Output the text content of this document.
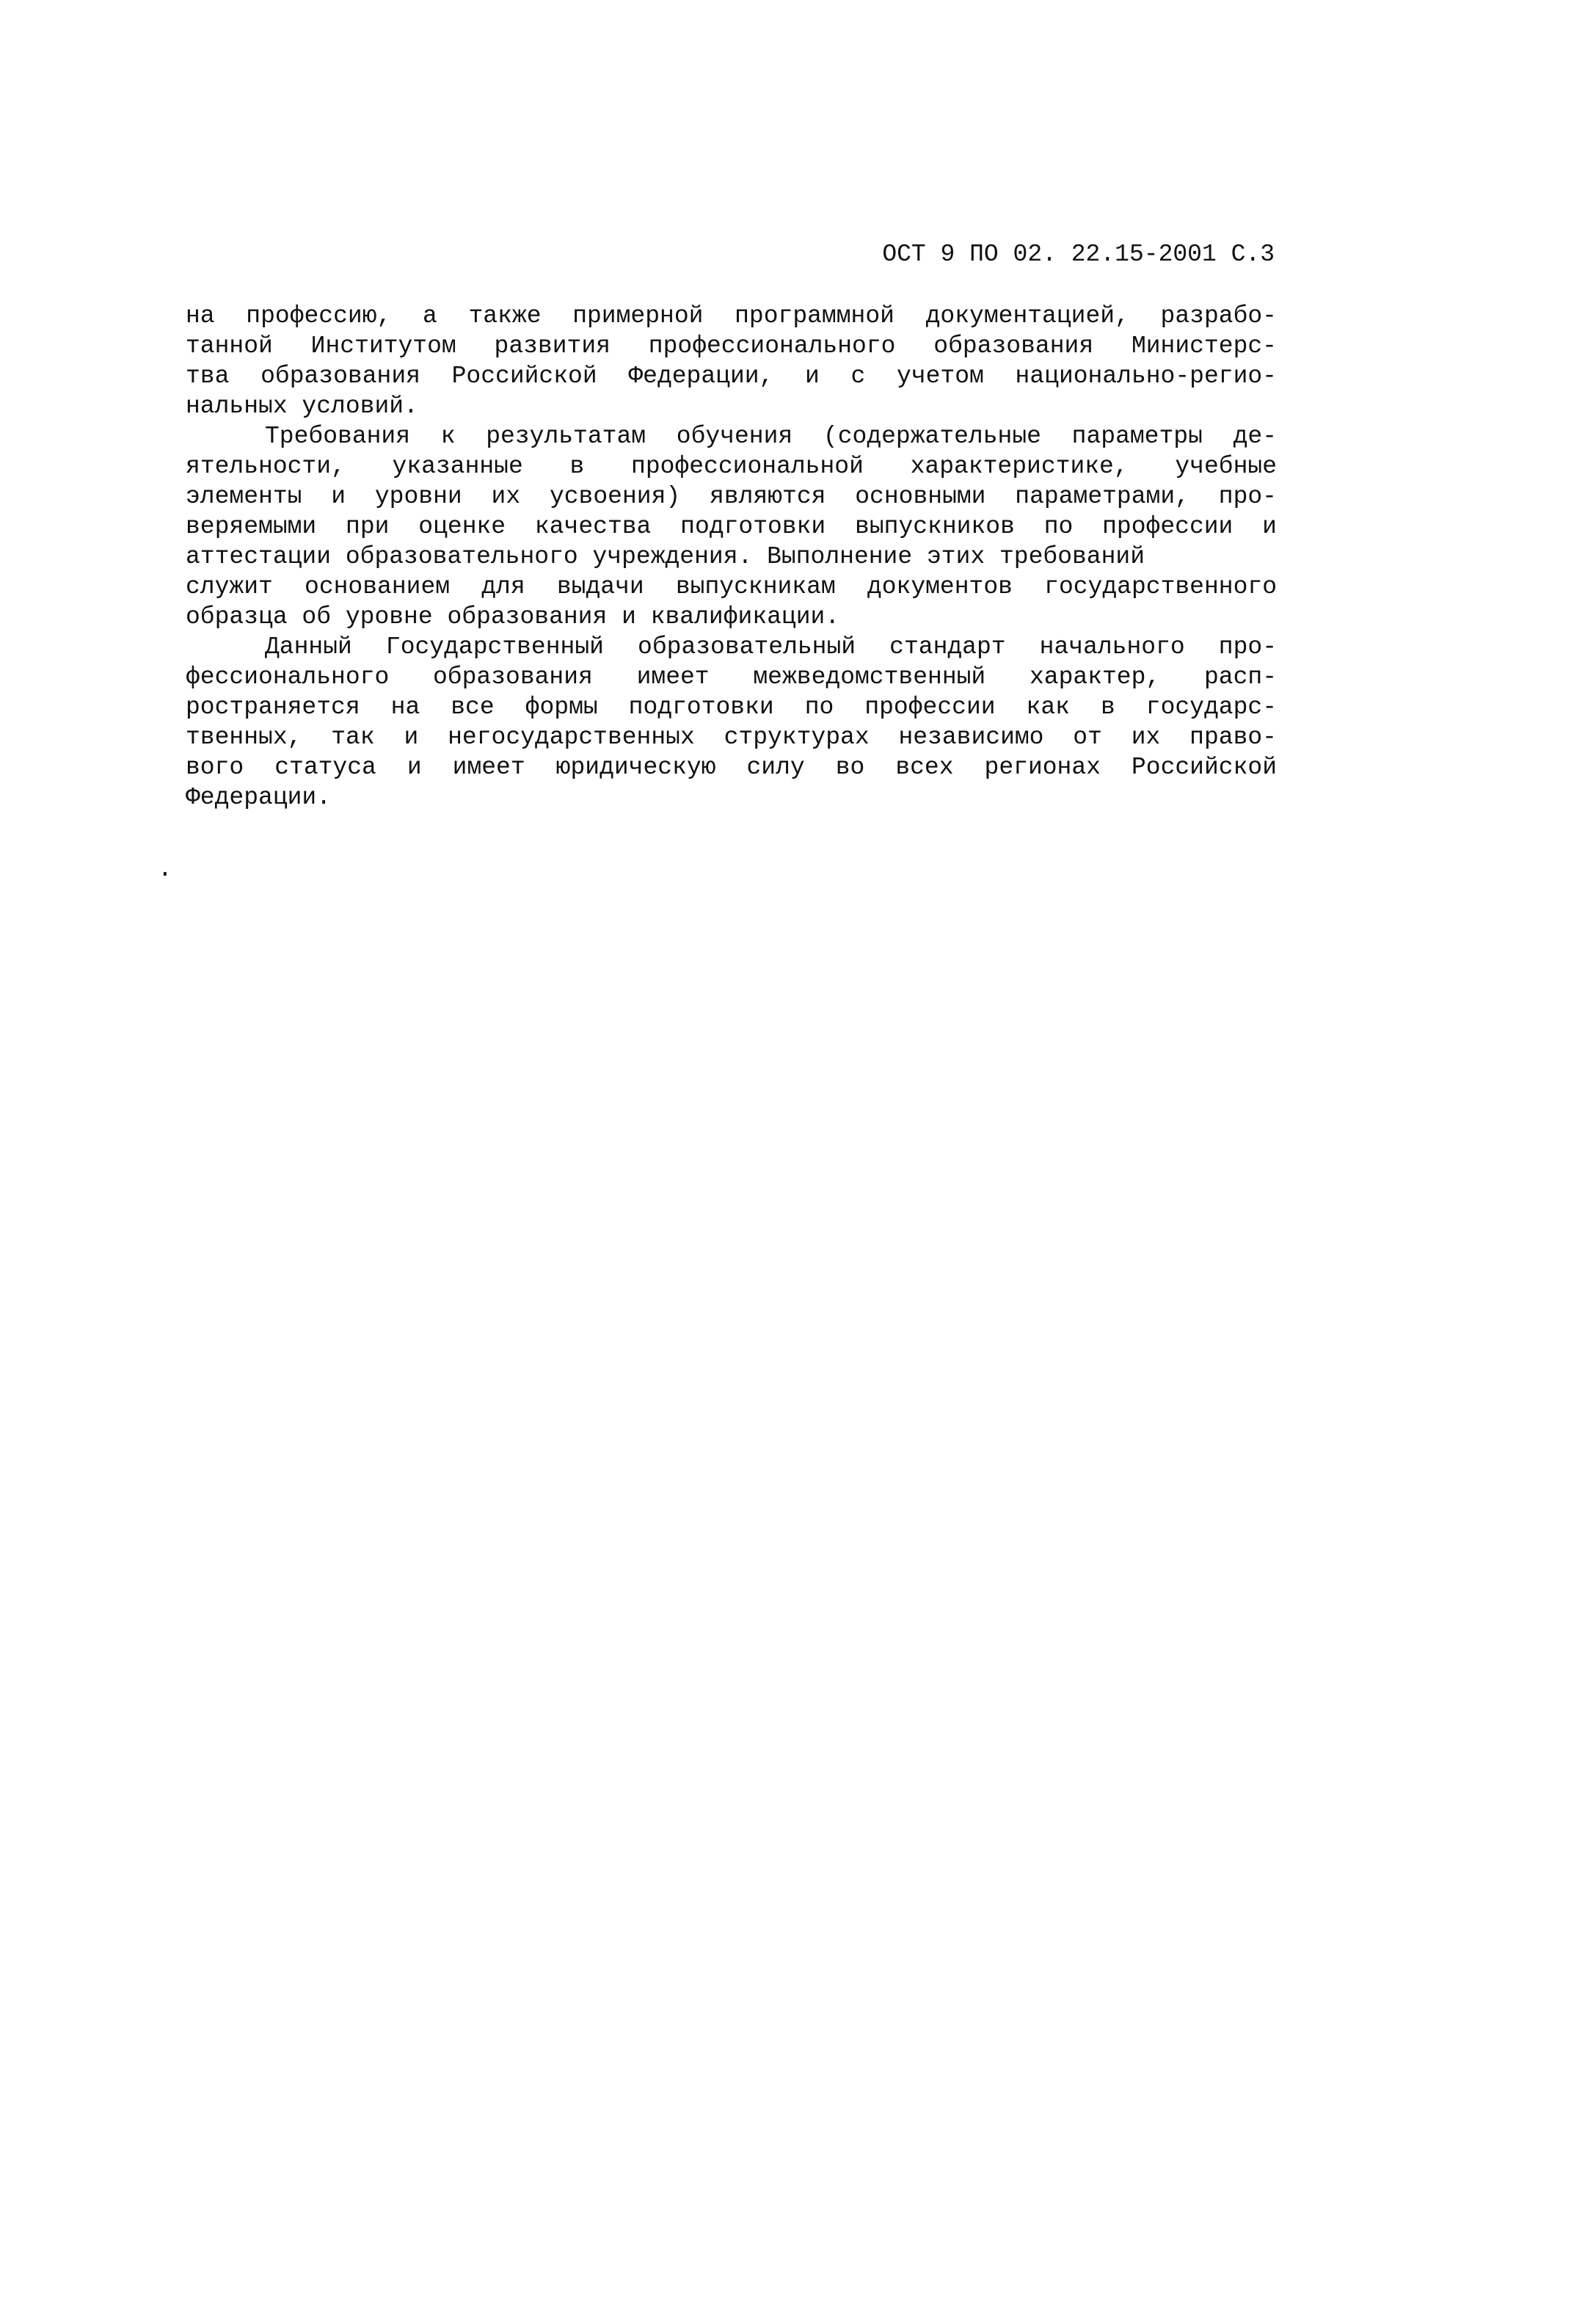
ОСТ 9 ПО 02. 22.15-2001 С.3
на профессию, а также примерной программной документацией, разрабо-
танной Институтом развития профессионального образования Министерс-
тва образования Российской Федерации, и с учетом национально-регио-
нальных условий.
Требования к результатам обучения (содержательные параметры де-
ятельности, указанные в профессиональной характеристике, учебные
элементы и уровни их усвоения) являются основными параметрами, про-
веряемыми при оценке качества подготовки выпускников по профессии и
аттестации образовательного учреждения. Выполнение этих требований
служит основанием для выдачи выпускникам документов государственного
образца об уровне образования и квалификации.
Данный Государственный образовательный стандарт начального про-
фессионального образования имеет межведомственный характер, расп-
ространяется на все формы подготовки по профессии как в государс-
твенных, так и негосударственных структурах независимо от их право-
вого статуса и имеет юридическую силу во всех регионах Российской
Федерации.
.
